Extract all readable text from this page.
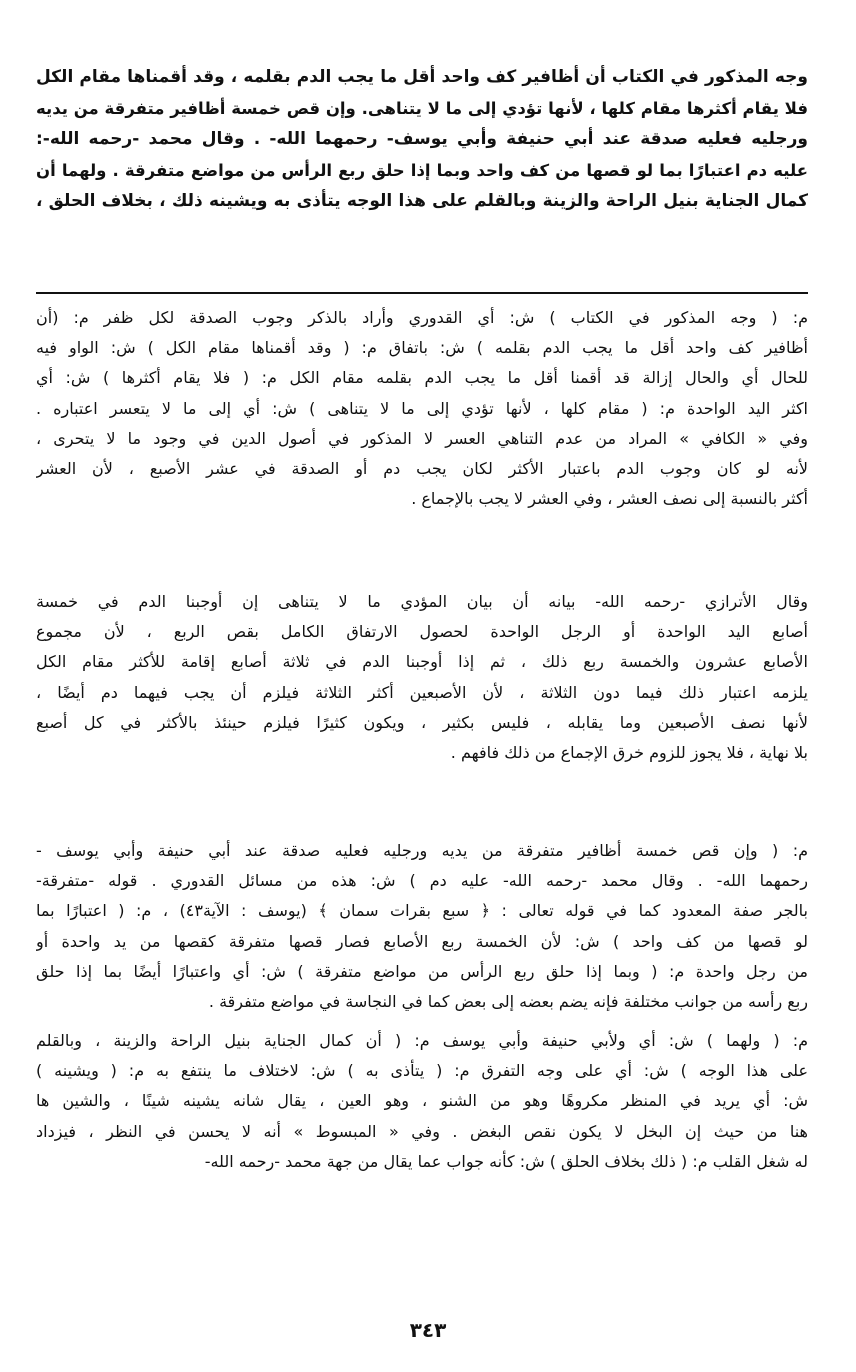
وجه المذكور في الكتاب أن أظافير كف واحد أقل ما يجب الدم بقلمه ، وقد أقمناها مقام الكل
فلا يقام أكثرها مقام كلها ، لأنها تؤدي إلى ما لا يتناهى. وإن قص خمسة أظافير متفرقة من يديه
ورجليه فعليه صدقة عند أبي حنيفة وأبي يوسف- رحمهما الله- . وقال محمد -رحمه الله-:
عليه دم اعتبارًا بما لو قصها من كف واحد وبما إذا حلق ربع الرأس من مواضع متفرقة . ولهما أن
كمال الجناية بنيل الراحة والزينة وبالقلم على هذا الوجه يتأذى به ويشينه ذلك ، بخلاف الحلق ،
م: ( وجه المذكور في الكتاب ) ش: أي القدوري وأراد بالذكر وجوب الصدقة لكل ظفر م: (أن
أظافير كف واحد أقل ما يجب الدم بقلمه ) ش: باتفاق م: ( وقد أقمناها مقام الكل ) ش: الواو فيه
للحال أي والحال إزالة قد أقمنا أقل ما يجب الدم بقلمه مقام الكل م: ( فلا يقام أكثرها ) ش: أي
اكثر اليد الواحدة م: ( مقام كلها ، لأنها تؤدي إلى ما لا يتناهى ) ش: أي إلى ما لا يتعسر اعتباره .
وفي « الكافي » المراد من عدم التناهي العسر لا المذكور في أصول الدين في وجود ما لا يتحرى ،
لأنه لو كان وجوب الدم باعتبار الأكثر لكان يجب دم أو الصدقة في عشر الأصبع ، لأن العشر
أكثر بالنسبة إلى نصف العشر ، وفي العشر لا يجب بالإجماع .
وقال الأترازي -رحمه الله- بيانه أن بيان المؤدي ما لا يتناهى إن أوجبنا الدم في خمسة
أصابع اليد الواحدة أو الرجل الواحدة لحصول الارتفاق الكامل بقص الربع ، لأن مجموع
الأصابع عشرون والخمسة ربع ذلك ، ثم إذا أوجبنا الدم في ثلاثة أصابع إقامة للأكثر مقام الكل
يلزمه اعتبار ذلك فيما دون الثلاثة ، لأن الأصبعين أكثر الثلاثة فيلزم أن يجب فيهما دم أيضًا ،
لأنها نصف الأصبعين وما يقابله ، فليس بكثير ، ويكون كثيرًا فيلزم حينئذ بالأكثر في كل أصبع
بلا نهاية ، فلا يجوز للزوم خرق الإجماع من ذلك فافهم .
م: ( وإن قص خمسة أظافير متفرقة من يديه ورجليه فعليه صدقة عند أبي حنيفة وأبي يوسف -
رحمهما الله- . وقال محمد -رحمه الله- عليه دم ) ش: هذه من مسائل القدوري . قوله -متفرقة-
بالجر صفة المعدود كما في قوله تعالى : ﴿ سبع بقرات سمان ﴾ (يوسف : الآية٤٣) ، م: ( اعتبارًا بما
لو قصها من كف واحد ) ش: لأن الخمسة ربع الأصابع فصار قصها متفرقة كقصها من يد واحدة أو
من رجل واحدة م: ( وبما إذا حلق ربع الرأس من مواضع متفرقة ) ش: أي واعتبارًا أيضًا بما إذا حلق
ربع رأسه من جوانب مختلفة فإنه يضم بعضه إلى بعض كما في النجاسة في مواضع متفرقة .
م: ( ولهما ) ش: أي ولأبي حنيفة وأبي يوسف م: ( أن كمال الجناية بنيل الراحة والزينة ، وبالقلم
على هذا الوجه ) ش: أي على وجه التفرق م: ( يتأذى به ) ش: لاختلاف ما ينتفع به م: ( ويشينه )
ش: أي يريد في المنظر مكروهًا وهو من الشنو ، وهو العين ، يقال شانه يشينه شينًا ، والشين ها
هنا من حيث إن البخل لا يكون نقص البغض . وفي « المبسوط » أنه لا يحسن في النظر ، فيزداد
له شغل القلب م: ( ذلك بخلاف الحلق ) ش: كأنه جواب عما يقال من جهة محمد -رحمه الله-
٣٤٣
